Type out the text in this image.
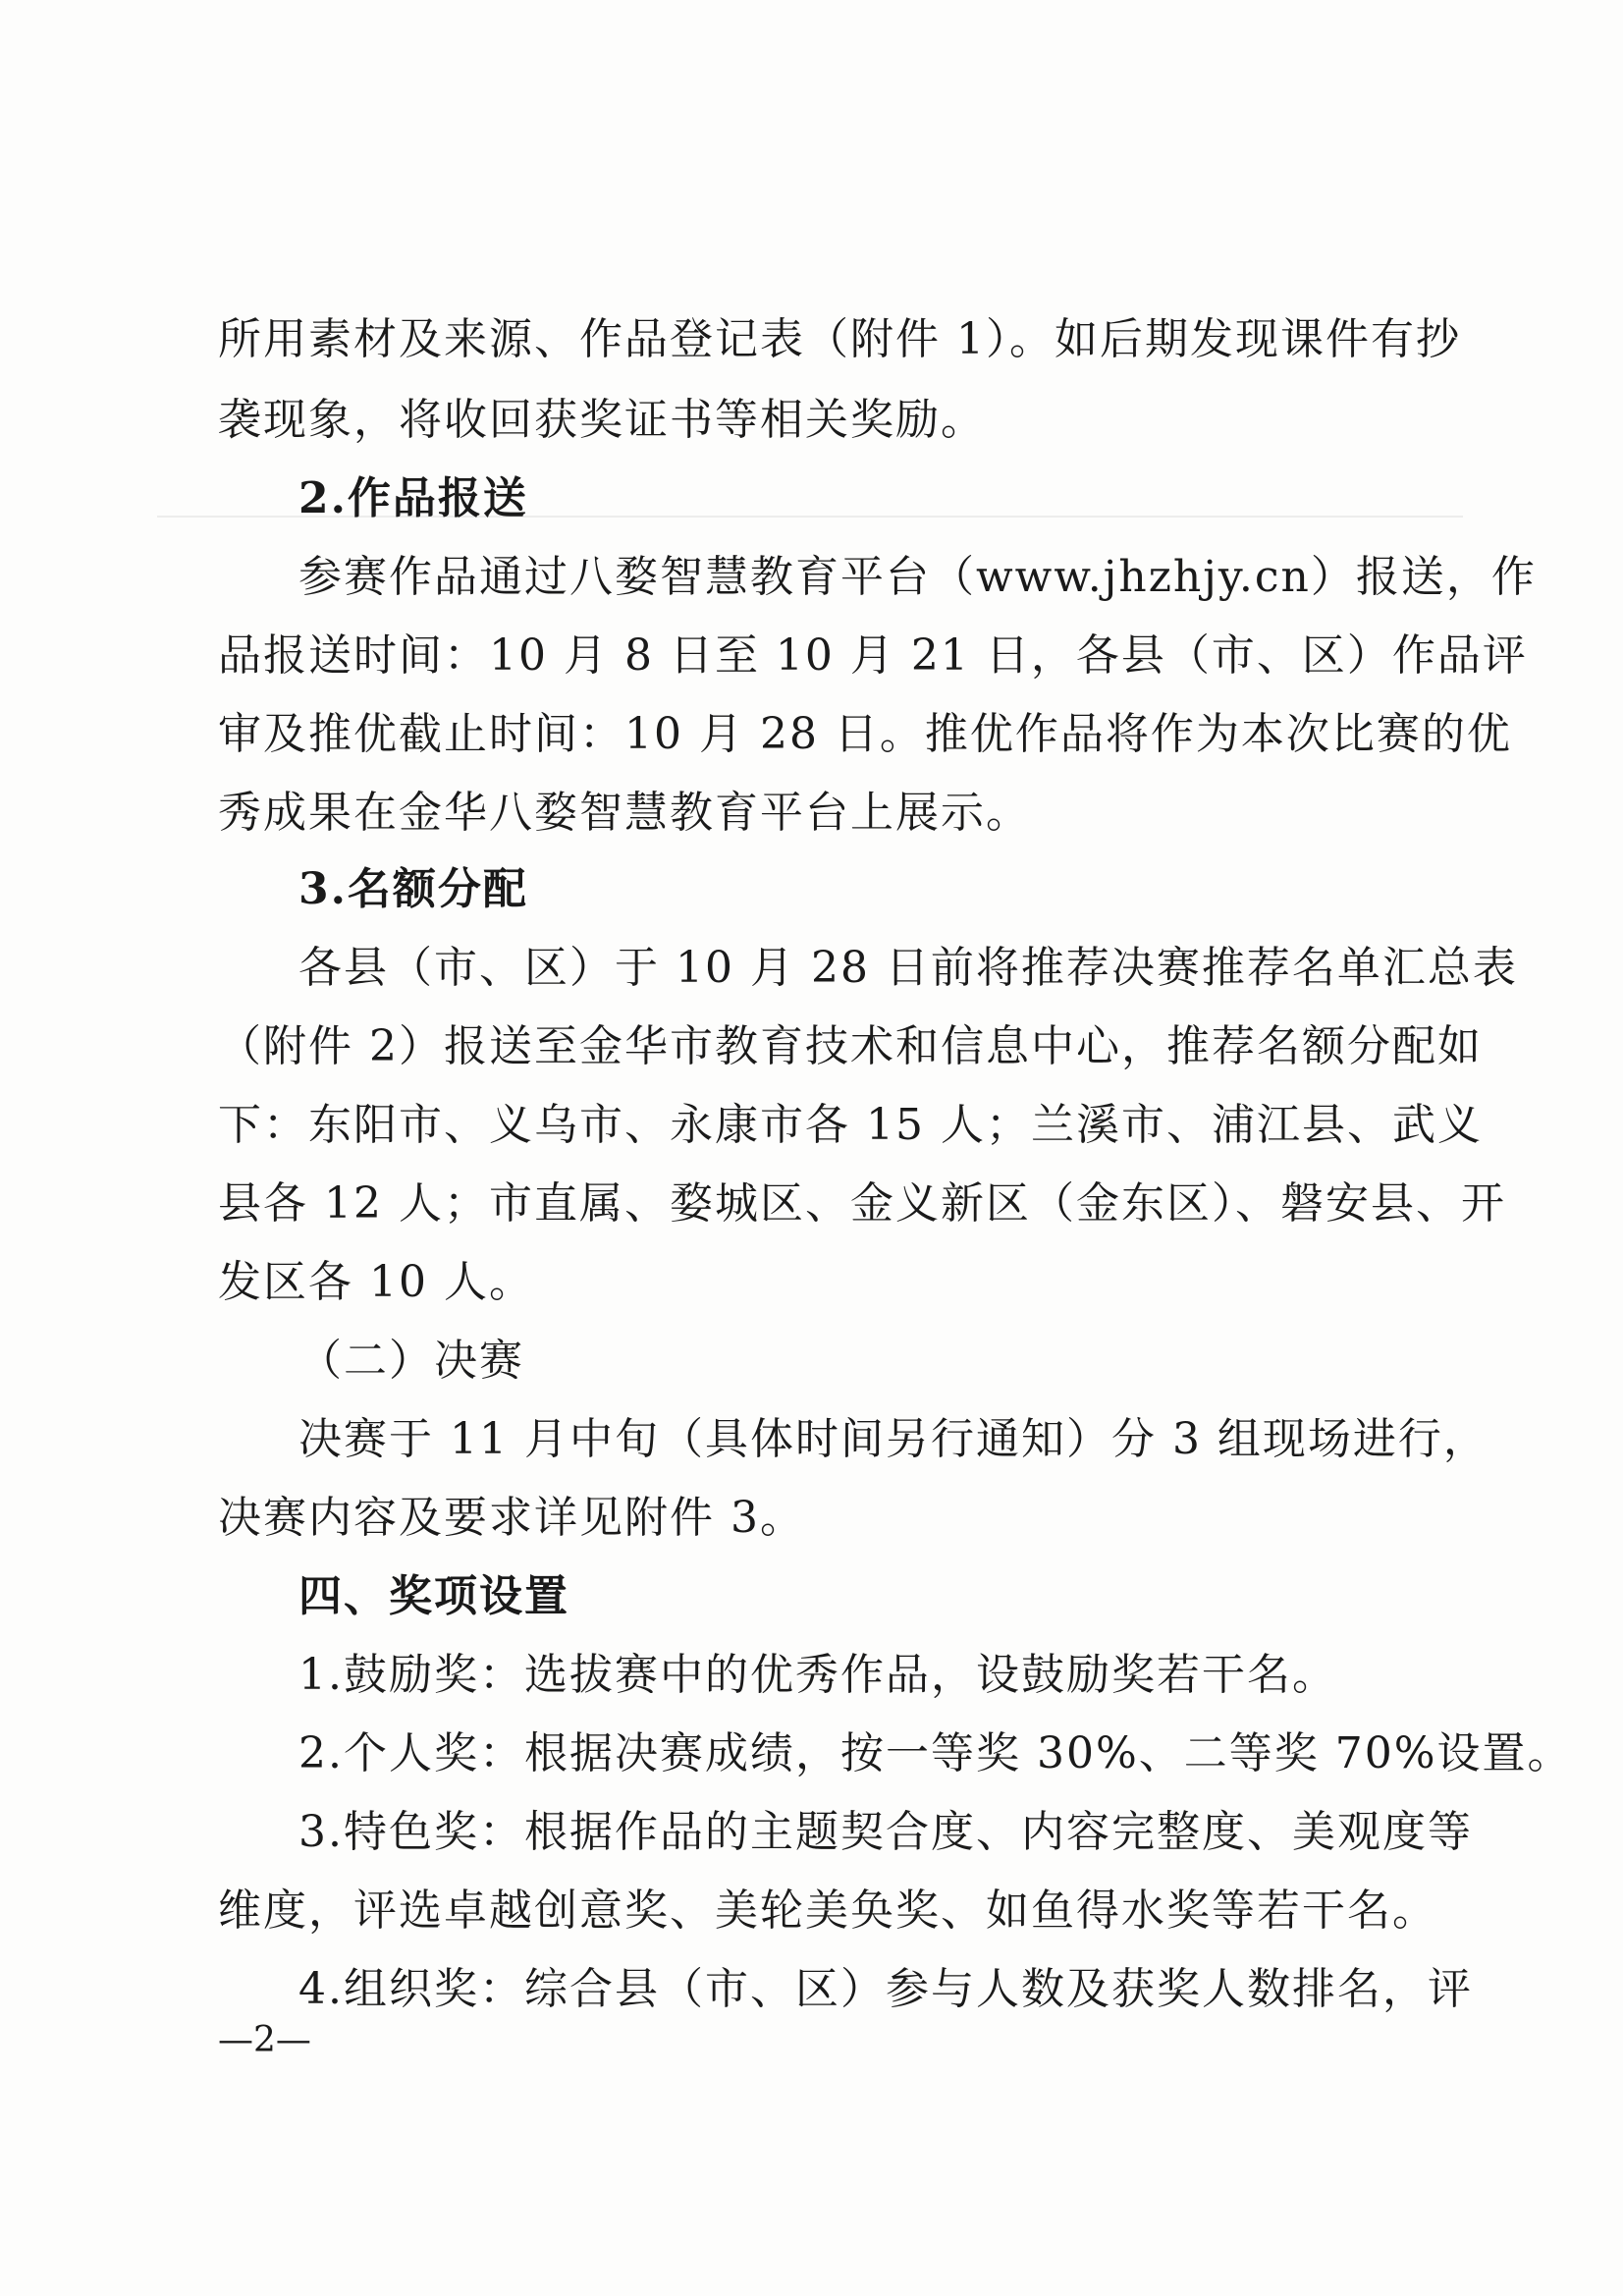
所用素材及来源、作品登记表（附件 1）。如后期发现课件有抄
袭现象，将收回获奖证书等相关奖励。
2.作品报送
参赛作品通过八婺智慧教育平台（www.jhzhjy.cn）报送，作
品报送时间：10 月 8 日至 10 月 21 日，各县（市、区）作品评
审及推优截止时间：10 月 28 日。推优作品将作为本次比赛的优
秀成果在金华八婺智慧教育平台上展示。
3.名额分配
各县（市、区）于 10 月 28 日前将推荐决赛推荐名单汇总表
（附件 2）报送至金华市教育技术和信息中心，推荐名额分配如
下：东阳市、义乌市、永康市各 15 人；兰溪市、浦江县、武义
县各 12 人；市直属、婺城区、金义新区（金东区）、磐安县、开
发区各 10 人。
（二）决赛
决赛于 11 月中旬（具体时间另行通知）分 3 组现场进行，
决赛内容及要求详见附件 3。
四、奖项设置
1.鼓励奖：选拔赛中的优秀作品，设鼓励奖若干名。
2.个人奖：根据决赛成绩，按一等奖 30%、二等奖 70%设置。
3.特色奖：根据作品的主题契合度、内容完整度、美观度等
维度，评选卓越创意奖、美轮美奂奖、如鱼得水奖等若干名。
4.组织奖：综合县（市、区）参与人数及获奖人数排名，评
—2—
